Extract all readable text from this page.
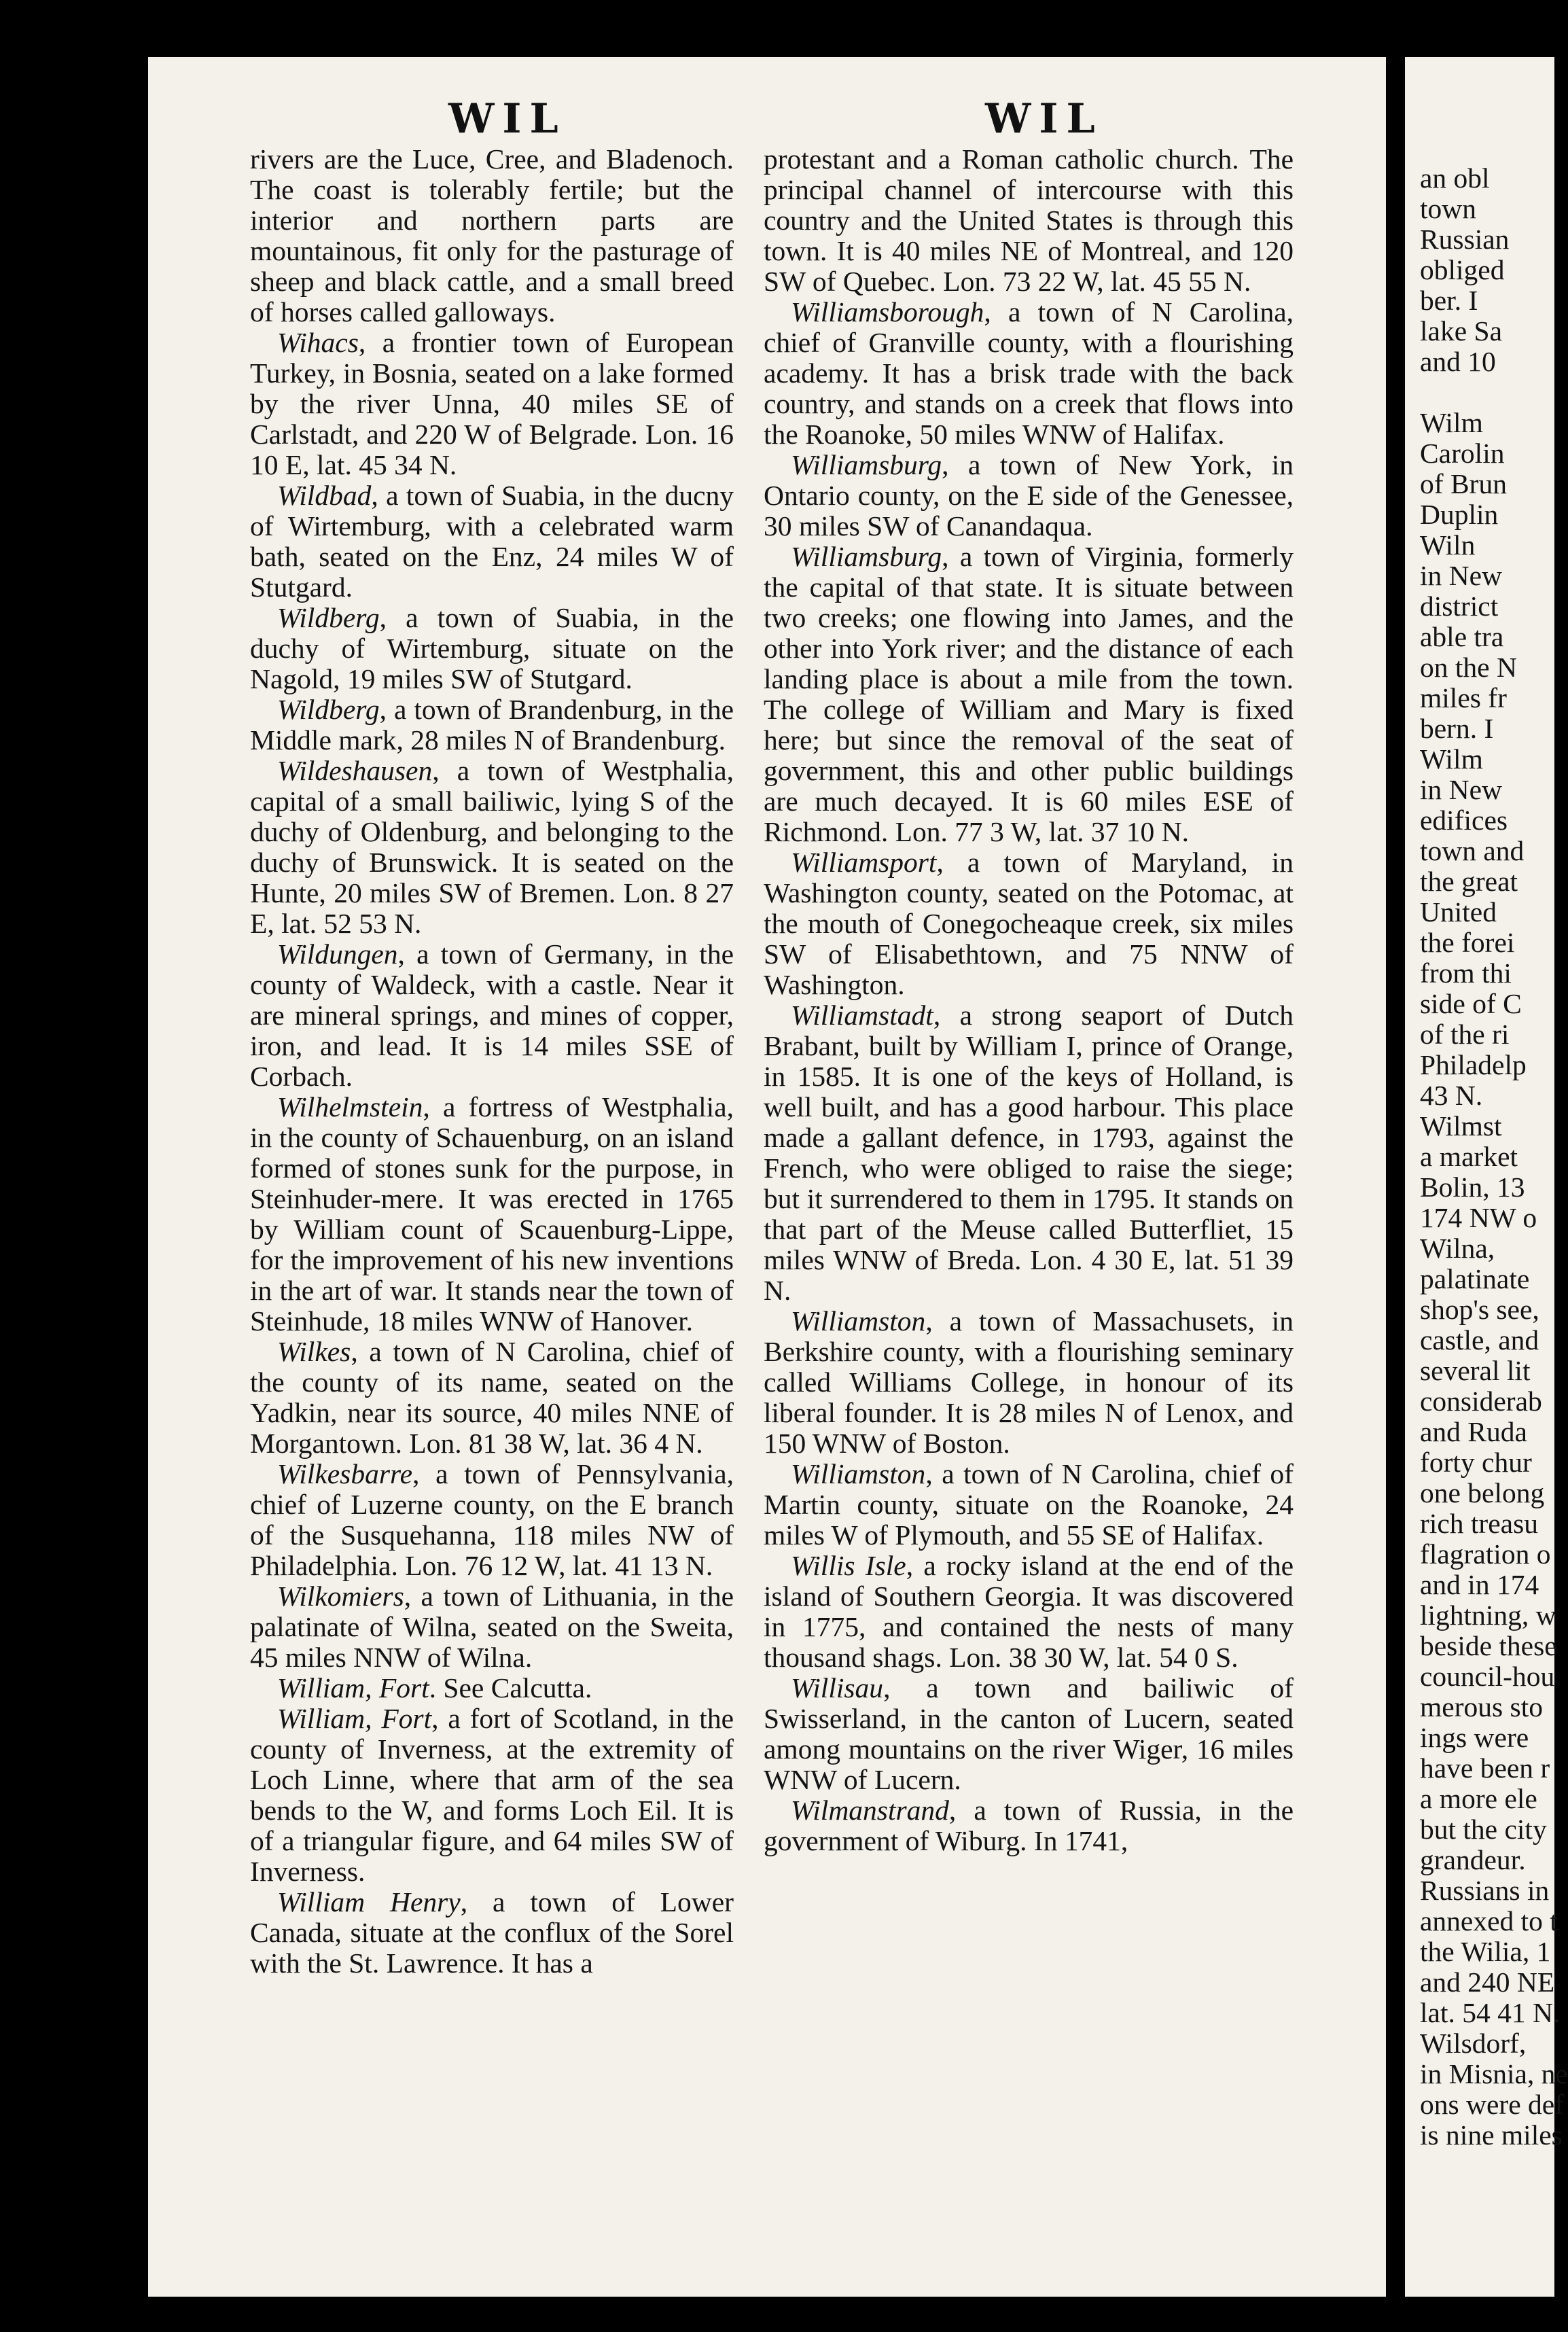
WIL	WIL

rivers are the Luce, Cree, and Bladenoch. The coast is tolerably fertile; but the interior and northern parts are mountainous, fit only for the pasturage of sheep and black cattle, and a small breed of horses called galloways.

Wihacs, a frontier town of European Turkey, in Bosnia, seated on a lake formed by the river Unna, 40 miles SE of Carlstadt, and 220 W of Belgrade. Lon. 16 10 E, lat. 45 34 N.

Wildbad, a town of Suabia, in the ducny of Wirtemburg, with a celebrated warm bath, seated on the Enz, 24 miles W of Stutgard.

Wildberg, a town of Suabia, in the duchy of Wirtemburg, situate on the Nagold, 19 miles SW of Stutgard.

Wildberg, a town of Brandenburg, in the Middle mark, 28 miles N of Brandenburg.

Wildeshausen, a town of Westphalia, capital of a small bailiwic, lying S of the duchy of Oldenburg, and belonging to the duchy of Brunswick. It is seated on the Hunte, 20 miles SW of Bremen. Lon. 8 27 E, lat. 52 53 N.

Wildungen, a town of Germany, in the county of Waldeck, with a castle. Near it are mineral springs, and mines of copper, iron, and lead. It is 14 miles SSE of Corbach.

Wilhelmstein, a fortress of Westphalia, in the county of Schauenburg, on an island formed of stones sunk for the purpose, in Steinhuder-mere. It was erected in 1765 by William count of Scauenburg-Lippe, for the improvement of his new inventions in the art of war. It stands near the town of Steinhude, 18 miles WNW of Hanover.

Wilkes, a town of N Carolina, chief of the county of its name, seated on the Yadkin, near its source, 40 miles NNE of Morgantown. Lon. 81 38 W, lat. 36 4 N.

Wilkesbarre, a town of Pennsylvania, chief of Luzerne county, on the E branch of the Susquehanna, 118 miles NW of Philadelphia. Lon. 76 12 W, lat. 41 13 N.

Wilkomiers, a town of Lithuania, in the palatinate of Wilna, seated on the Sweita, 45 miles NNW of Wilna.

William, Fort. See Calcutta.

William, Fort, a fort of Scotland, in the county of Inverness, at the extremity of Loch Linne, where that arm of the sea bends to the W, and forms Loch Eil. It is of a triangular figure, and 64 miles SW of Inverness.

William Henry, a town of Lower Canada, situate at the conflux of the Sorel with the St. Lawrence. It has a

protestant and a Roman catholic church. The principal channel of intercourse with this country and the United States is through this town. It is 40 miles NE of Montreal, and 120 SW of Quebec. Lon. 73 22 W, lat. 45 55 N.

Williamsborough, a town of N Carolina, chief of Granville county, with a flourishing academy. It has a brisk trade with the back country, and stands on a creek that flows into the Roanoke, 50 miles WNW of Halifax.

Williamsburg, a town of New York, in Ontario county, on the E side of the Genessee, 30 miles SW of Canandaqua.

Williamsburg, a town of Virginia, formerly the capital of that state. It is situate between two creeks; one flowing into James, and the other into York river; and the distance of each landing place is about a mile from the town. The college of William and Mary is fixed here; but since the removal of the seat of government, this and other public buildings are much decayed. It is 60 miles ESE of Richmond. Lon. 77 3 W, lat. 37 10 N.

Williamsport, a town of Maryland, in Washington county, seated on the Potomac, at the mouth of Conegocheaque creek, six miles SW of Elisabethtown, and 75 NNW of Washington.

Williamstadt, a strong seaport of Dutch Brabant, built by William I, prince of Orange, in 1585. It is one of the keys of Holland, is well built, and has a good harbour. This place made a gallant defence, in 1793, against the French, who were obliged to raise the siege; but it surrendered to them in 1795. It stands on that part of the Meuse called Butterfliet, 15 miles WNW of Breda. Lon. 4 30 E, lat. 51 39 N.

Williamston, a town of Massachusets, in Berkshire county, with a flourishing seminary called Williams College, in honour of its liberal founder. It is 28 miles N of Lenox, and 150 WNW of Boston.

Williamston, a town of N Carolina, chief of Martin county, situate on the Roanoke, 24 miles W of Plymouth, and 55 SE of Halifax.

Willis Isle, a rocky island at the end of the island of Southern Georgia. It was discovered in 1775, and contained the nests of many thousand shags. Lon. 38 30 W, lat. 54 0 S.

Willisau, a town and bailiwic of Swisserland, in the canton of Lucern, seated among mountains on the river Wiger, 16 miles WNW of Lucern.

Wilmanstrand, a town of Russia, in the government of Wiburg. In 1741,

an obl
town
Russian
obliged
ber. I
lake Sa
and 10
Wilm
Carolin
of Brun
Duplin
Wiln
in New
district
able tra
on the N
miles fr
bern. I
Wilm
in New
edifices
town and
the great
United
the forei
from thi
side of C
of the ri
Philadelp
43 N.
Wilmst
a market
Bolin, 13
174 NW o
Wilna,
palatinate
shop's see,
castle, and
several lit
considerab
and Ruda
forty chur
one belong
rich treasu
flagration o
and in 174
lightning, w
beside these
council-hou
merous sto
ings were
have been r
a more ele
but the city
grandeur.
Russians in
annexed to t
the Wilia, 1
and 240 NE
lat. 54 41 N.
Wilsdorf,
in Misnia, ne
ons were def
is nine miles
